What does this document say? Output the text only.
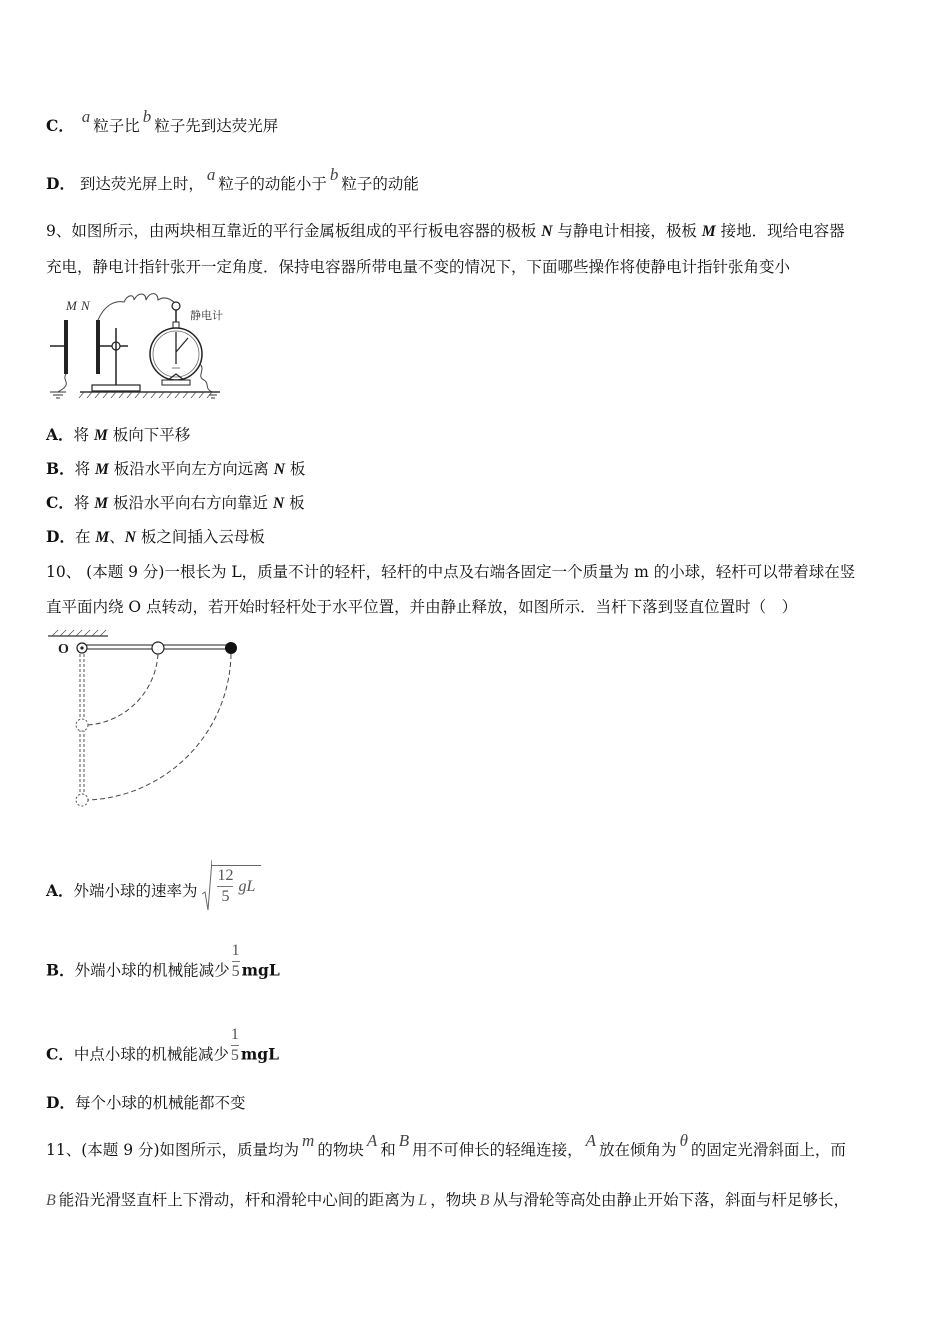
C． a 粒子比 b 粒子先到达荧光屏
D． 到达荧光屏上时， a 粒子的动能小于 b 粒子的动能
9、如图所示，由两块相互靠近的平行金属板组成的平行板电容器的极板 N 与静电计相接，极板 M 接地．现给电容器
充电，静电计指针张开一定角度．保持电容器所带电量不变的情况下，下面哪些操作将使静电计指针张角变小
M N
静电计
A．将 M 板向下平移
B．将 M 板沿水平向左方向远离 N 板
C．将 M 板沿水平向右方向靠近 N 板
D．在 M、N 板之间插入云母板
10、 (本题 9 分)一根长为 L，质量不计的轻杆，轻杆的中点及右端各固定一个质量为 m 的小球，轻杆可以带着球在竖
直平面内绕 O 点转动，若开始时轻杆处于水平位置，并由静止释放，如图所示．当杆下落到竖直位置时（　）
O
A．外端小球的速率为 $\frac{12}{5}$ gL
B．外端小球的机械能减少 $\frac{1}{5}$ mgL
C．中点小球的机械能减少 $\frac{1}{5}$ mgL
D．每个小球的机械能都不变
11、(本题 9 分)如图所示，质量均为 m 的物块 A 和 B 用不可伸长的轻绳连接， A 放在倾角为 θ 的固定光滑斜面上，而
B 能沿光滑竖直杆上下滑动，杆和滑轮中心间的距离为 L ，物块 B 从与滑轮等高处由静止开始下落，斜面与杆足够长，
